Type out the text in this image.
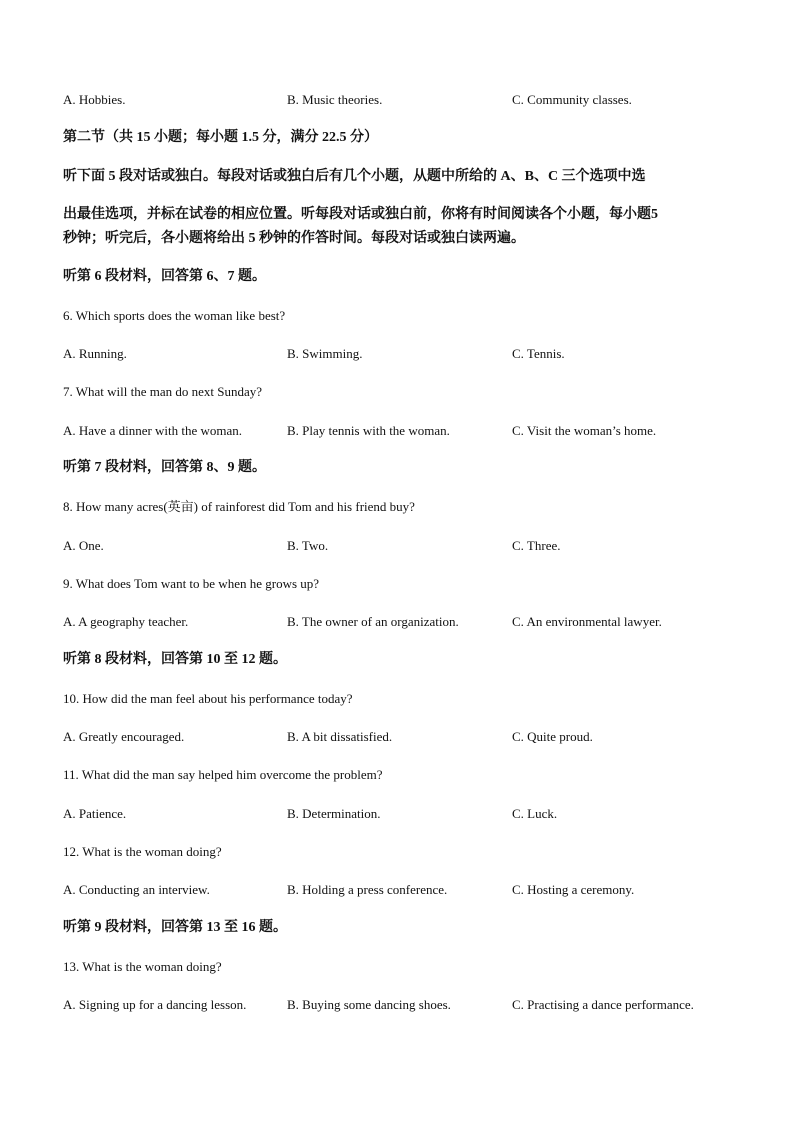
A. Hobbies.	B. Music theories.	C. Community classes.
第二节（共 15 小题；每小题 1.5 分，满分 22.5 分）
听下面 5 段对话或独白。每段对话或独白后有几个小题，从题中所给的 A、B、C 三个选项中选
出最佳选项，并标在试卷的相应位置。听每段对话或独白前，你将有时间阅读各个小题，每小题5
秒钟；听完后，各小题将给出 5 秒钟的作答时间。每段对话或独白读两遍。
听第 6 段材料，回答第 6、7 题。
6. Which sports does the woman like best?
A. Running.	B. Swimming.	C. Tennis.
7. What will the man do next Sunday?
A. Have a dinner with the woman.	B. Play tennis with the woman.	C. Visit the woman’s home.
听第 7 段材料，回答第 8、9 题。
8. How many acres(英亩) of rainforest did Tom and his friend buy?
A. One.	B. Two.	C. Three.
9. What does Tom want to be when he grows up?
A. A geography teacher.	B. The owner of an organization.	C. An environmental lawyer.
听第 8 段材料，回答第 10 至 12 题。
10. How did the man feel about his performance today?
A. Greatly encouraged.	B. A bit dissatisfied.	C. Quite proud.
11. What did the man say helped him overcome the problem?
A. Patience.	B. Determination.	C. Luck.
12. What is the woman doing?
A. Conducting an interview.	B. Holding a press conference.	C. Hosting a ceremony.
听第 9 段材料，回答第 13 至 16 题。
13. What is the woman doing?
A. Signing up for a dancing lesson.	B. Buying some dancing shoes.	C. Practising a dance performance.
